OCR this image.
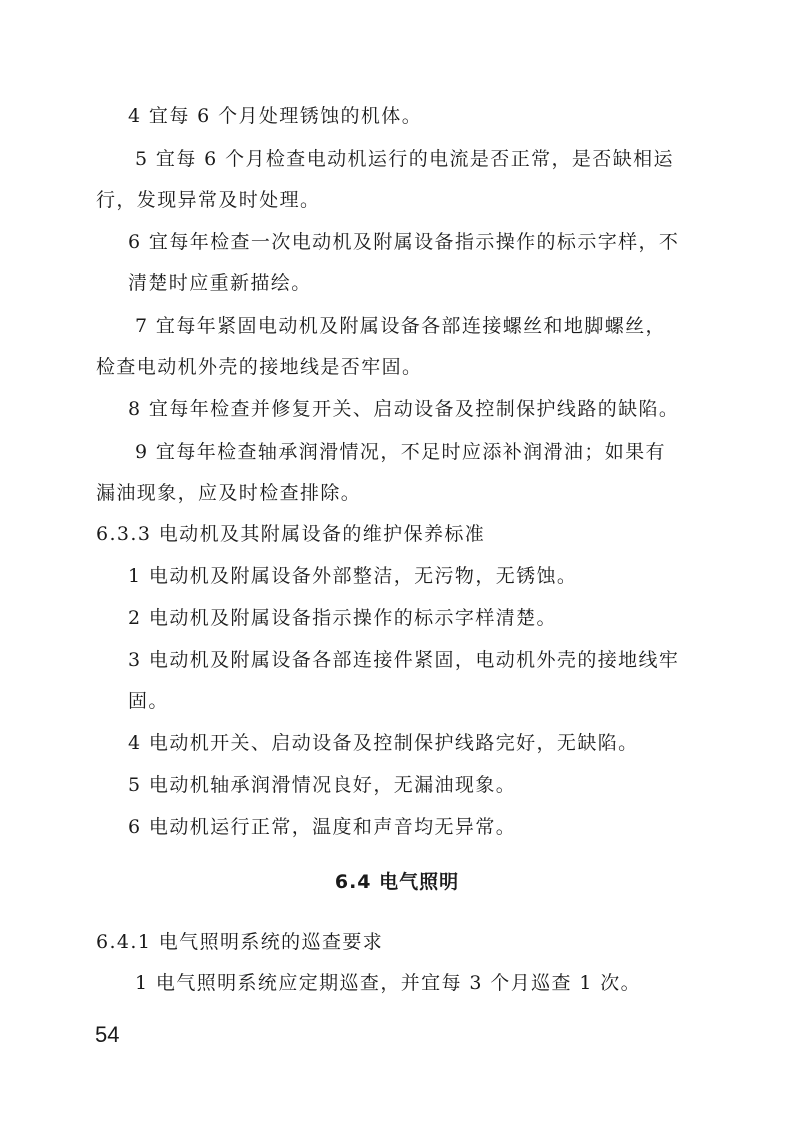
4 宜每 6 个月处理锈蚀的机体。
5 宜每 6 个月检查电动机运行的电流是否正常，是否缺相运
行，发现异常及时处理。
6 宜每年检查一次电动机及附属设备指示操作的标示字样，不
清楚时应重新描绘。
7 宜每年紧固电动机及附属设备各部连接螺丝和地脚螺丝，
检查电动机外壳的接地线是否牢固。
8 宜每年检查并修复开关、启动设备及控制保护线路的缺陷。
9 宜每年检查轴承润滑情况，不足时应添补润滑油；如果有
漏油现象，应及时检查排除。
6.3.3 电动机及其附属设备的维护保养标准
1 电动机及附属设备外部整洁，无污物，无锈蚀。
2 电动机及附属设备指示操作的标示字样清楚。
3 电动机及附属设备各部连接件紧固，电动机外壳的接地线牢
固。
4 电动机开关、启动设备及控制保护线路完好，无缺陷。
5 电动机轴承润滑情况良好，无漏油现象。
6 电动机运行正常，温度和声音均无异常。
6.4 电气照明
6.4.1 电气照明系统的巡查要求
1 电气照明系统应定期巡查，并宜每 3 个月巡查 1 次。
54
